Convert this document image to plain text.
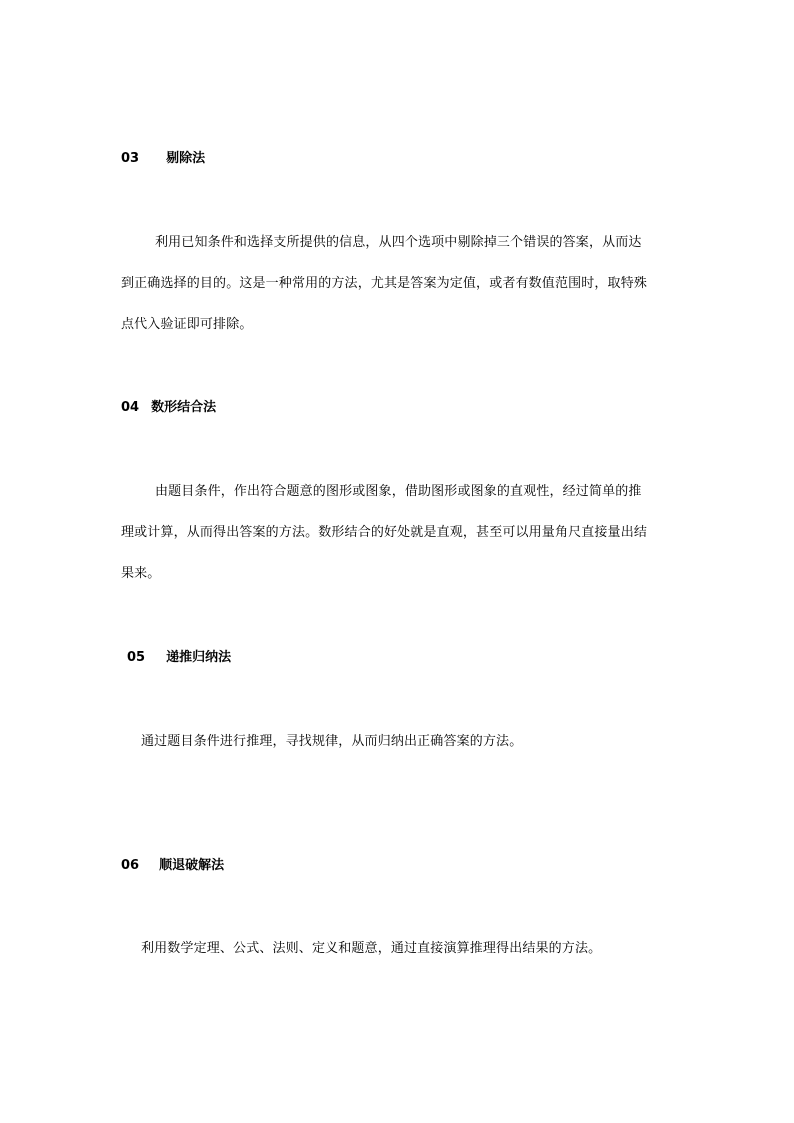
03 剔除法
利用已知条件和选择支所提供的信息，从四个选项中剔除掉三个错误的答案，从而达
到正确选择的目的。这是一种常用的方法，尤其是答案为定值，或者有数值范围时，取特殊
点代入验证即可排除。
04 数形结合法
由题目条件，作出符合题意的图形或图象，借助图形或图象的直观性，经过简单的推
理或计算，从而得出答案的方法。数形结合的好处就是直观，甚至可以用量角尺直接量出结
果来。
05 递推归纳法
通过题目条件进行推理，寻找规律，从而归纳出正确答案的方法。
06 顺退破解法
利用数学定理、公式、法则、定义和题意，通过直接演算推理得出结果的方法。
